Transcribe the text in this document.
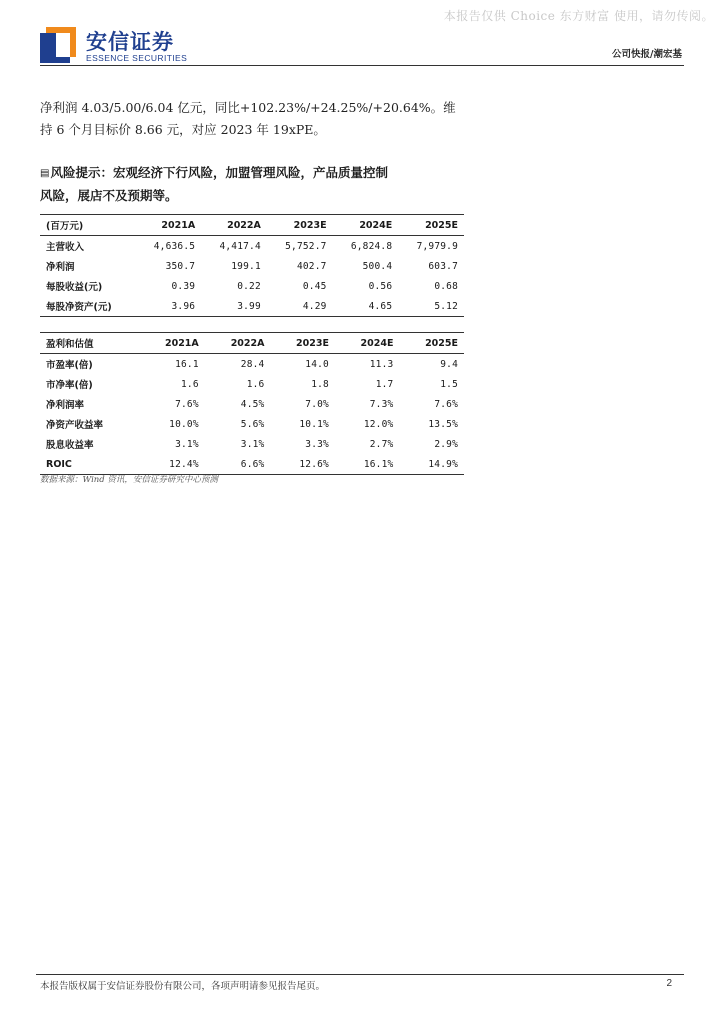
本报告仅供 Choice 东方财富 使用，请勿传阅。
安信证券
ESSENCE SECURITIES	公司快报/潮宏基
净利润 4.03/5.00/6.04 亿元，同比+102.23%/+24.25%/+20.64%。维
持 6 个月目标价 8.66 元，对应 2023 年 19xPE。
▤风险提示：宏观经济下行风险，加盟管理风险，产品质量控制
风险，展店不及预期等。
(百万元)	2021A	2022A	2023E	2024E	2025E
主营收入	4,636.5	4,417.4	5,752.7	6,824.8	7,979.9
净利润	350.7	199.1	402.7	500.4	603.7
每股收益(元)	0.39	0.22	0.45	0.56	0.68
每股净资产(元)	3.96	3.99	4.29	4.65	5.12
盈利和估值	2021A	2022A	2023E	2024E	2025E
市盈率(倍)	16.1	28.4	14.0	11.3	9.4
市净率(倍)	1.6	1.6	1.8	1.7	1.5
净利润率	7.6%	4.5%	7.0%	7.3%	7.6%
净资产收益率	10.0%	5.6%	10.1%	12.0%	13.5%
股息收益率	3.1%	3.1%	3.3%	2.7%	2.9%
ROIC	12.4%	6.6%	12.6%	16.1%	14.9%
数据来源：Wind 资讯，安信证券研究中心预测
本报告版权属于安信证券股份有限公司，各项声明请参见报告尾页。	2
